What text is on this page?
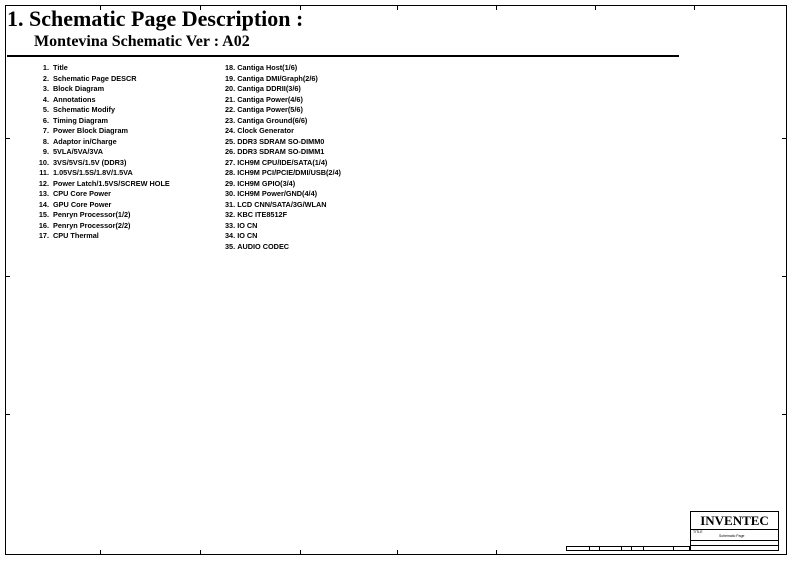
1. Schematic Page Description :
Montevina Schematic Ver : A02
1. Title
2. Schematic Page DESCR
3. Block Diagram
4. Annotations
5. Schematic Modify
6. Timing Diagram
7. Power Block Diagram
8. Adaptor in/Charge
9. 5VLA/5VA/3VA
10. 3VS/5VS/1.5V (DDR3)
11. 1.05VS/1.5S/1.8V/1.5VA
12. Power Latch/1.5VS/SCREW HOLE
13. CPU Core Power
14. GPU Core Power
15. Penryn Processor(1/2)
16. Penryn Processor(2/2)
17. CPU Thermal
18.
Cantiga Host(1/6)
19.
Cantiga DMI/Graph(2/6)
20.
Cantiga DDRII(3/6)
21.
Cantiga Power(4/6)
22.
Cantiga Power(5/6)
23.
Cantiga Ground(6/6)
24.
Clock Generator
25.
DDR3 SDRAM SO-DIMM0
26.
DDR3 SDRAM SO-DIMM1
27.
ICH9M CPU/IDE/SATA(1/4)
28.
ICH9M PCI/PCIE/DMI/USB(2/4)
29.
ICH9M GPIO(3/4)
30.
ICH9M Power/GND(4/4)
31.
LCD CNN/SATA/3G/WLAN
32.
KBC ITE8512F
33.
IO CN
34.
IO CN
35.
AUDIO CODEC
INVENTEC
TITLE
Schematic Page
